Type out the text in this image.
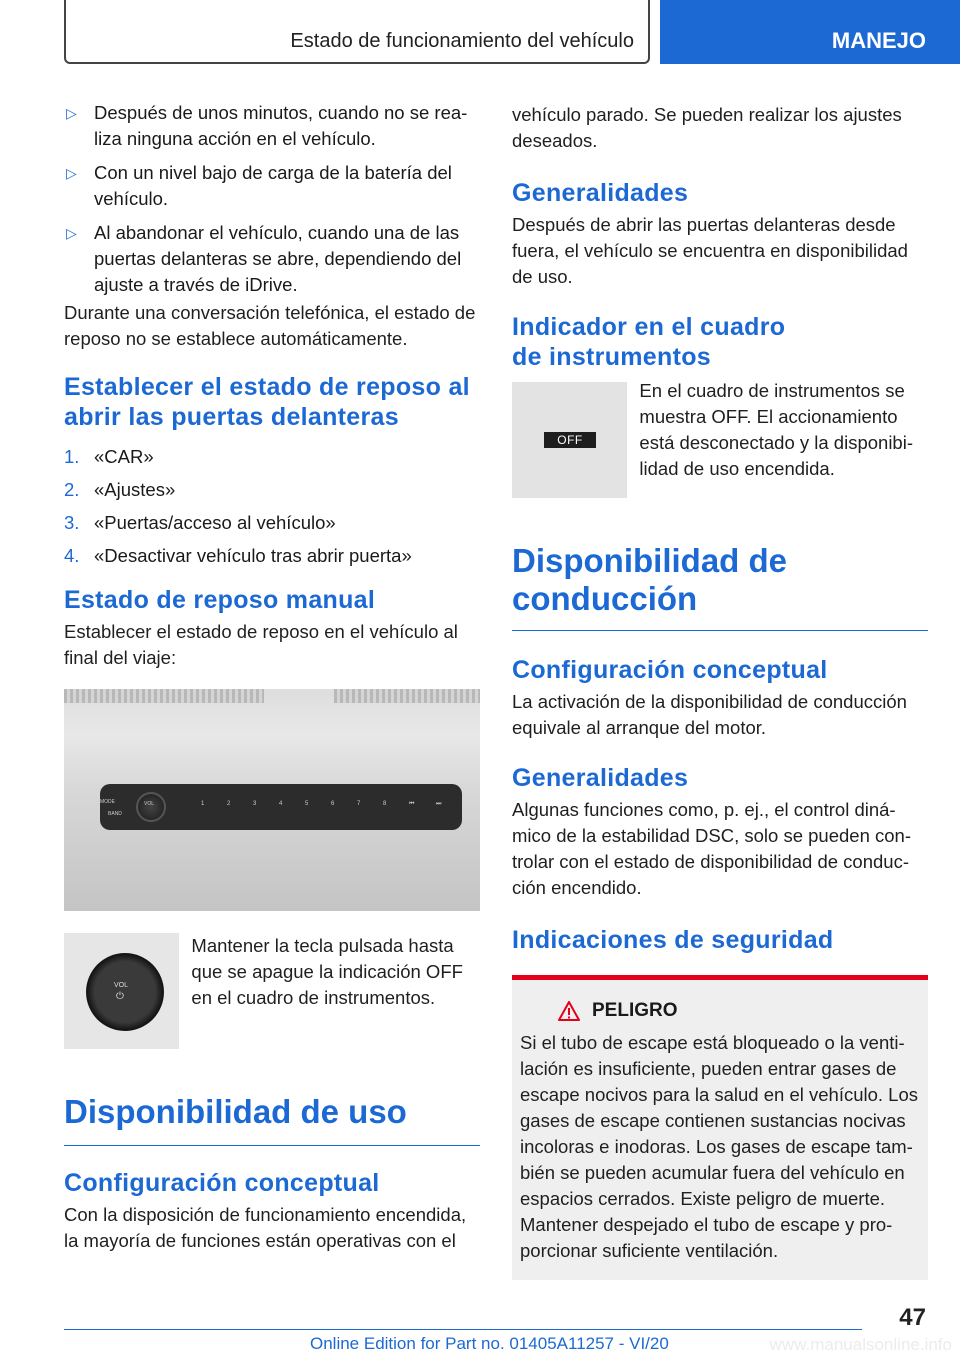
Estado de funcionamiento del vehículo	MANEJO
▷ Después de unos minutos, cuando no se rea-liza ninguna acción en el vehículo.
▷ Con un nivel bajo de carga de la batería del vehículo.
▷ Al abandonar el vehículo, cuando una de las puertas delanteras se abre, dependiendo del ajuste a través de iDrive.

Durante una conversación telefónica, el estado de reposo no se establece automáticamente.

Establecer el estado de reposo al abrir las puertas delanteras
1. «CAR»
2. «Ajustes»
3. «Puertas/acceso al vehículo»
4. «Desactivar vehículo tras abrir puerta»
Estado de reposo manual

Establecer el estado de reposo en el vehículo al final del viaje:

MODE
BAND
VOL	1	2	3	4	5	6	7	8	⏮	⏭
VOL
⏻

Mantener la tecla pulsada hasta que se apague la indicación OFF en el cuadro de instrumentos.

Disponibilidad de uso
Configuración conceptual

Con la disposición de funcionamiento encendida, la mayoría de funciones están operativas con el

vehículo parado. Se pueden realizar los ajustes deseados.

Generalidades

Después de abrir las puertas delanteras desde fuera, el vehículo se encuentra en disponibilidad de uso.

Indicador en el cuadro de instrumentos
OFF

En el cuadro de instrumentos se muestra OFF. El accionamiento está desconectado y la disponibi-lidad de uso encendida.

Disponibilidad de conducción
Configuración conceptual

La activación de la disponibilidad de conducción equivale al arranque del motor.

Generalidades

Algunas funciones como, p. ej., el control diná-mico de la estabilidad DSC, solo se pueden con-trolar con el estado de disponibilidad de conduc-ción encendido.

Indicaciones de seguridad
PELIGRO

Si el tubo de escape está bloqueado o la venti-lación es insuficiente, pueden entrar gases de escape nocivos para la salud en el vehículo. Los gases de escape contienen sustancias nocivas incoloras e inodoras. Los gases de escape tam-bién se pueden acumular fuera del vehículo en espacios cerrados. Existe peligro de muerte. Mantener despejado el tubo de escape y pro-porcionar suficiente ventilación.

47
Online Edition for Part no. 01405A11257 - VI/20	www.manualsonline.info
